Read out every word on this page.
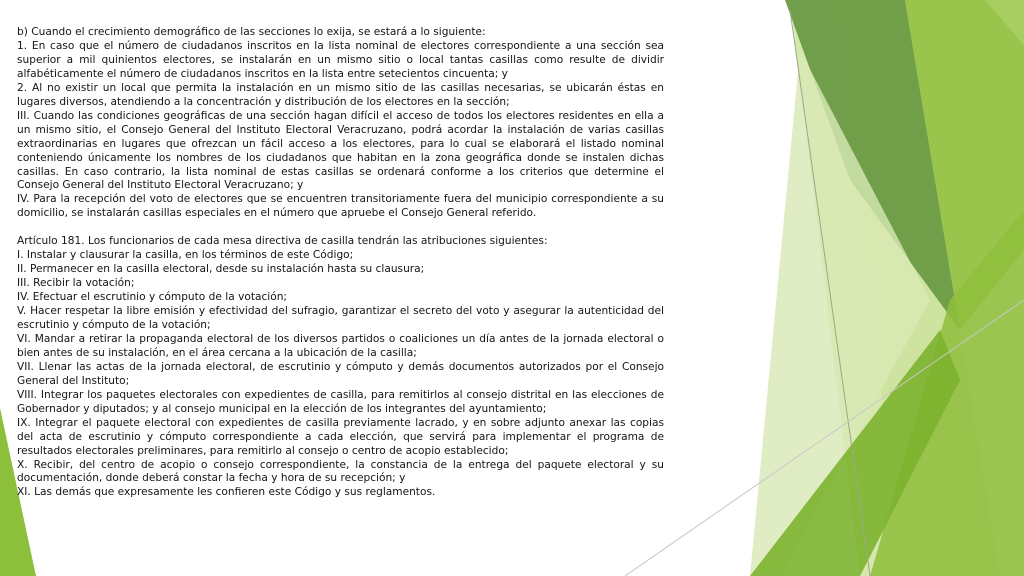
b) Cuando el crecimiento demográfico de las secciones lo exija, se estará a lo siguiente:

1. En caso que el número de ciudadanos inscritos en la lista nominal de electores correspondiente a una sección sea superior a mil quinientos electores, se instalarán en un mismo sitio o local tantas casillas como resulte de dividir alfabéticamente el número de ciudadanos inscritos en la lista entre setecientos cincuenta; y

2. Al no existir un local que permita la instalación en un mismo sitio de las casillas necesarias, se ubicarán éstas en lugares diversos, atendiendo a la concentración y distribución de los electores en la sección;

III. Cuando las condiciones geográficas de una sección hagan difícil el acceso de todos los electores residentes en ella a un mismo sitio, el Consejo General del Instituto Electoral Veracruzano, podrá acordar la instalación de varias casillas extraordinarias en lugares que ofrezcan un fácil acceso a los electores, para lo cual se elaborará el listado nominal conteniendo únicamente los nombres de los ciudadanos que habitan en la zona geográfica donde se instalen dichas casillas. En caso contrario, la lista nominal de estas casillas se ordenará conforme a los criterios que determine el Consejo General del Instituto Electoral Veracruzano; y

IV. Para la recepción del voto de electores que se encuentren transitoriamente fuera del municipio correspondiente a su domicilio, se instalarán casillas especiales en el número que apruebe el Consejo General referido.

Artículo 181. Los funcionarios de cada mesa directiva de casilla tendrán las atribuciones siguientes:

I. Instalar y clausurar la casilla, en los términos de este Código;

II. Permanecer en la casilla electoral, desde su instalación hasta su clausura;

III. Recibir la votación;

IV. Efectuar el escrutinio y cómputo de la votación;

V. Hacer respetar la libre emisión y efectividad del sufragio, garantizar el secreto del voto y asegurar la autenticidad del escrutinio y cómputo de la votación;

VI. Mandar a retirar la propaganda electoral de los diversos partidos o coaliciones un día antes de la jornada electoral o bien antes de su instalación, en el área cercana a la ubicación de la casilla;

VII. Llenar las actas de la jornada electoral, de escrutinio y cómputo y demás documentos autorizados por el Consejo General del Instituto;

VIII. Integrar los paquetes electorales con expedientes de casilla, para remitirlos al consejo distrital en las elecciones de Gobernador y diputados; y al consejo municipal en la elección de los integrantes del ayuntamiento;

IX. Integrar el paquete electoral con expedientes de casilla previamente lacrado, y en sobre adjunto anexar las copias del acta de escrutinio y cómputo correspondiente a cada elección, que servirá para implementar el programa de resultados electorales preliminares, para remitirlo al consejo o centro de acopio establecido;

X. Recibir, del centro de acopio o consejo correspondiente, la constancia de la entrega del paquete electoral y su documentación, donde deberá constar la fecha y hora de su recepción; y

XI. Las demás que expresamente les confieren este Código y sus reglamentos.
